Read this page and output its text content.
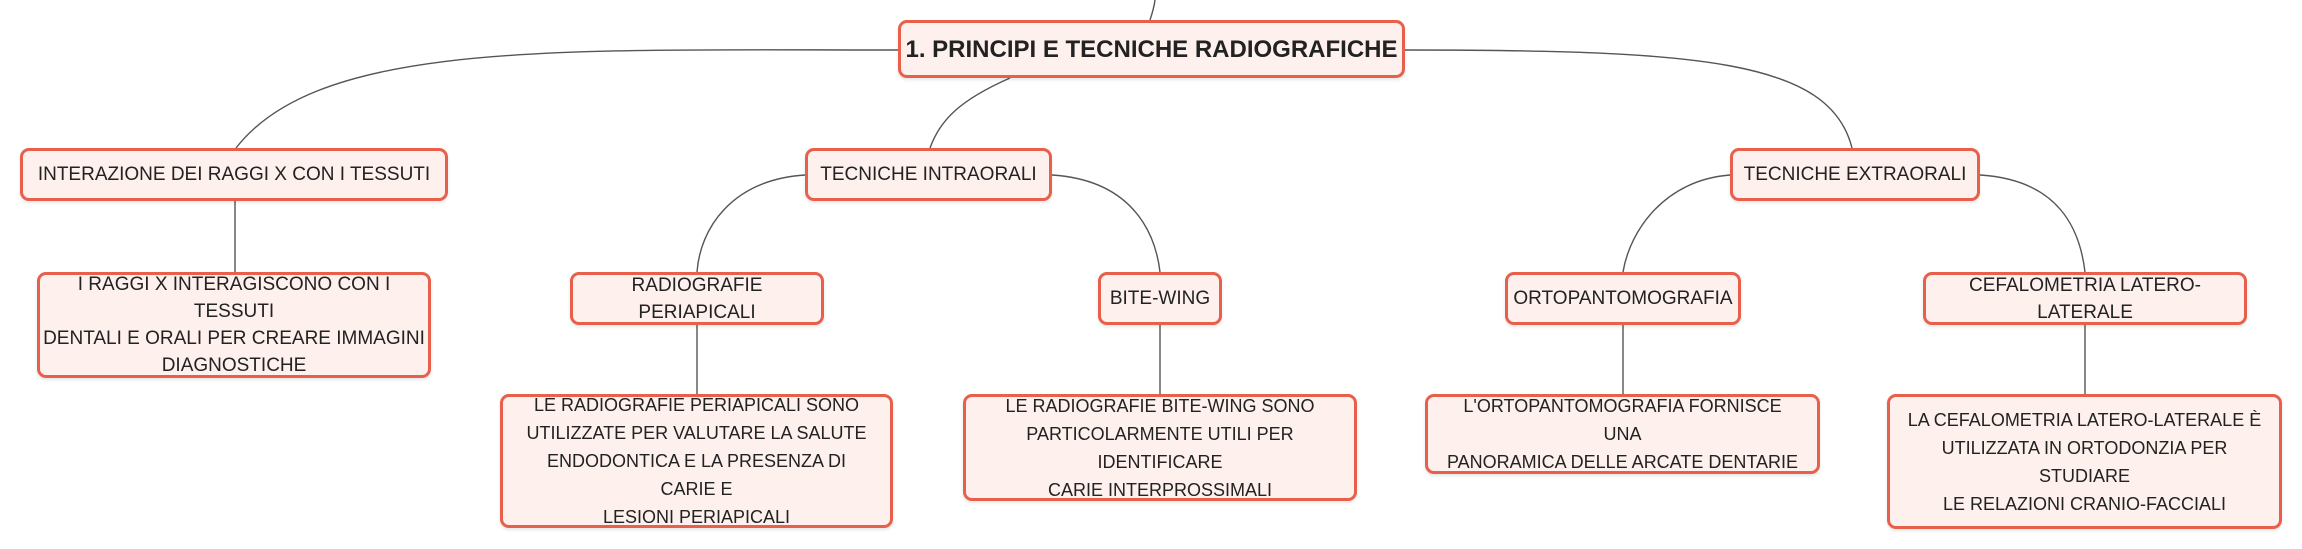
1. PRINCIPI E TECNICHE RADIOGRAFICHE
INTERAZIONE DEI RAGGI X CON I TESSUTI	TECNICHE INTRAORALI	TECNICHE EXTRAORALI
I RAGGI X INTERAGISCONO CON I TESSUTI
DENTALI E ORALI PER CREARE IMMAGINI
DIAGNOSTICHE
RADIOGRAFIE PERIAPICALI
BITE-WING	ORTOPANTOMOGRAFIA
CEFALOMETRIA LATERO-LATERALE
LE RADIOGRAFIE PERIAPICALI SONO
UTILIZZATE PER VALUTARE LA SALUTE
ENDODONTICA E LA PRESENZA DI CARIE E
LESIONI PERIAPICALI
LE RADIOGRAFIE BITE-WING SONO
PARTICOLARMENTE UTILI PER IDENTIFICARE
CARIE INTERPROSSIMALI
L'ORTOPANTOMOGRAFIA FORNISCE UNA
PANORAMICA DELLE ARCATE DENTARIE
LA CEFALOMETRIA LATERO-LATERALE È
UTILIZZATA IN ORTODONZIA PER STUDIARE
LE RELAZIONI CRANIO-FACCIALI
